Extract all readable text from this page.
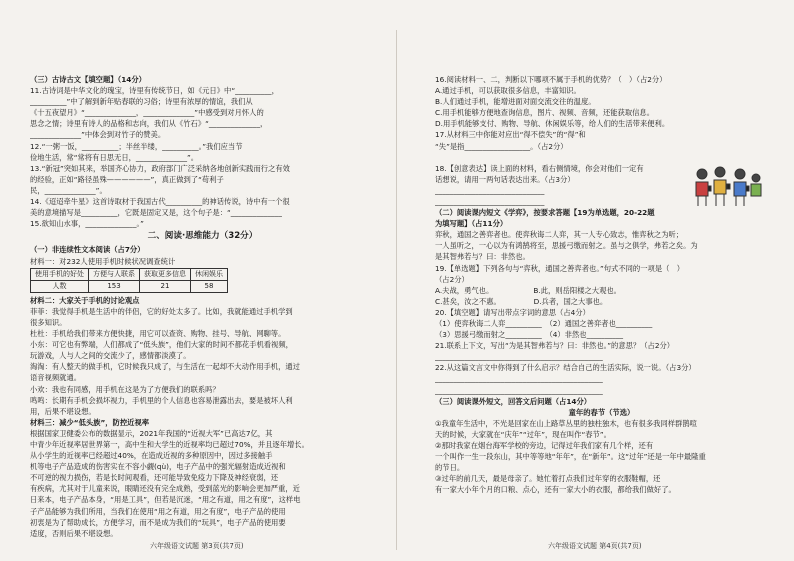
（三）古诗古文【填空题】（14分）
11.古诗词是中华文化的瑰宝，诗里有传统节日，如《元日》中“__________，
__________”中了解到新年贴春联的习俗；诗里有浓厚的情谊，我们从
《十五夜望月》“______________，______________”中感受到对月怀人的
思念之情；诗里有诗人的品格和志向，我们从《竹石》“______________，
______________”中体会到对竹子的赞美。
12.“一粥一饭，__________；半丝半缕，__________。”我们应当节
俭地生活，常“常将有日思无日，______________”。
13.“新冠”突如其来，举国齐心协力，政府部门广泛采纳各地创新实践而行之有效
的经验，正如“路径虽殊——————”，真正做到了“苟利子
民，______________”。
14.《迢迢牵牛星》这首诗取材于我国古代__________的神话传说，诗中有一个很
美的意境描写是__________，它既是固定又是，这个句子是：“______________
15.欲知山水事，______________。”
二、阅读·思维能力（32分）
（一）非连续性文本阅读（占7分）
材料一：对232人使用手机时候状况调查统计
使用手机的好处	方便与人联系	获取更多信息	休闲娱乐
人数	153	21	58
材料二：大家关于手机的讨论观点
菲菲：我觉得手机是生活中的伴侣，它的好处太多了。比如，我就能通过手机学到
很多知识。
杜杜：手机给我们带来方便快捷，用它可以查资、购物、挂号、导航、网聊等。
小东：可它也有弊端，人们都成了“低头族”，他们大家的时间不都花手机看视频，
玩游戏，人与人之间的交流少了，感情都淡漠了。
淘淘：有人整天的做手机，它时候我只成了，与生活在一起却不大动作用手机，通过
语音视频就通。
小欢：我也有同感，用手机在这是为了方便我们的联系吗？
鸣鸣：长期有手机会损坏视力，手机里的个人信息也容易泄露出去，要是被坏人利
用，后果不堪设想。
材料三：减少“低头族”，防控近视率
根据国家卫健委公布的数据显示，2021年我国的“近视大军”已高达7亿，其
中青少年近视率居世界第一，高中生和大学生的近视率均已超过70%，并且逐年增长。
从小学生的近视率已经超过40%，在造成近视的多种原因中，因过多接触手
机等电子产品造成的伤害实在不容小觑(qù)，电子产品中的强光辐射造成近视和
不可逆的视力损伤，若是长时间观看，还可能导致免疫力下降及神经衰弱，还
有疾病，尤其对于儿童来说，眼睛还没有完全成熟，受到蓝光的影响会更加严重，近
日来本，电子产品本身，“用是工具”，但若是沉迷，“用之有道，用之有度”，这样电
子产品能够为我们所用，当我们在使用“用之有道，用之有度”，电子产品的使用
初衷是为了帮助成长，方便学习，而不是成为我们的“玩具”，电子产品的使用要
适度，否则后果不堪设想。
六年级语文试题 第3页(共7页)
16.阅读材料一、二，判断以下哪项不属于手机的优势？（　）（占2分）
A.通过手机，可以获取很多信息，丰富知识。
B.人们通过手机，能增进面对面交流交往的温度。
C.用手机能够方便地查询信息，图片、视频、音频，还能获取信息。
D.用手机能够支付、购物、导航、休闲娱乐等，给人们的生活带来便利。
17.从材料三中你能对应出“得不偿失”的“得”和
“失”是指__________________。（占2分）
18.【创意表达】读上面的材料，看右侧情境，你会对他们一定有
话想说，请用一两句话表达出来。（占3分）
______________________________
______________________________
（二）阅读课内短文《学弈》，按要求答题【19为单选题，20-22题
为填写题】（占11分）
弈秋，通国之善弈者也。使弈秋诲二人弈，其一人专心致志，惟弈秋之为听；
一人虽听之，一心以为有鸿鹄将至，思援弓缴而射之。虽与之俱学，弗若之矣。为
是其智弗若与？曰：非然也。
19.【单选题】下列各句与“弈秋，通国之善弈者也。”句式不同的一项是（　）
（占2分）
A.夫战，勇气也。　　　　　　B.此，则岳阳楼之大观也。
C.甚矣，汝之不惠。　　　　　D.兵者，国之大事也。
20.【填空题】请写出带点字词的意思（占4分）
（1）使弈秋诲二人弈__________　（2）通国之善弈者也__________
（3）思援弓缴而射之__________　（4）非然也__________
21.联系上下文，写出“为是其智弗若与？曰：非然也。”的意思？（占2分）
______________________________________________
22.从这篇文言文中你得到了什么启示？结合自己的生活实际，说一说。（占3分）
______________________________________________
______________________________________________
（三）阅读课外短文，回答文后问题（占14分）
童年的春节（节选）
①我童年生活中，不光是回家在山上路草丛里的独柱独木，也有很多我同样群鹊喧
天的时候，大家就在“庆年”“过年”，现在叫作“春节”。
②那时我家在烟台海军学校的旁边，记得过年我们家有几个样，还有
一个叫作一生一段东山，其中等等地“年年”，在“新年”。这“过年”还是一年中最隆重
的节日。
③过年的前几天，最是母亲了。她忙着打点我们过年穿的衣服鞋帽，还
有一家大小年个月的口粮、点心，还有一家大小的衣服，都给我们做好了。
六年级语文试题 第4页(共7页)
